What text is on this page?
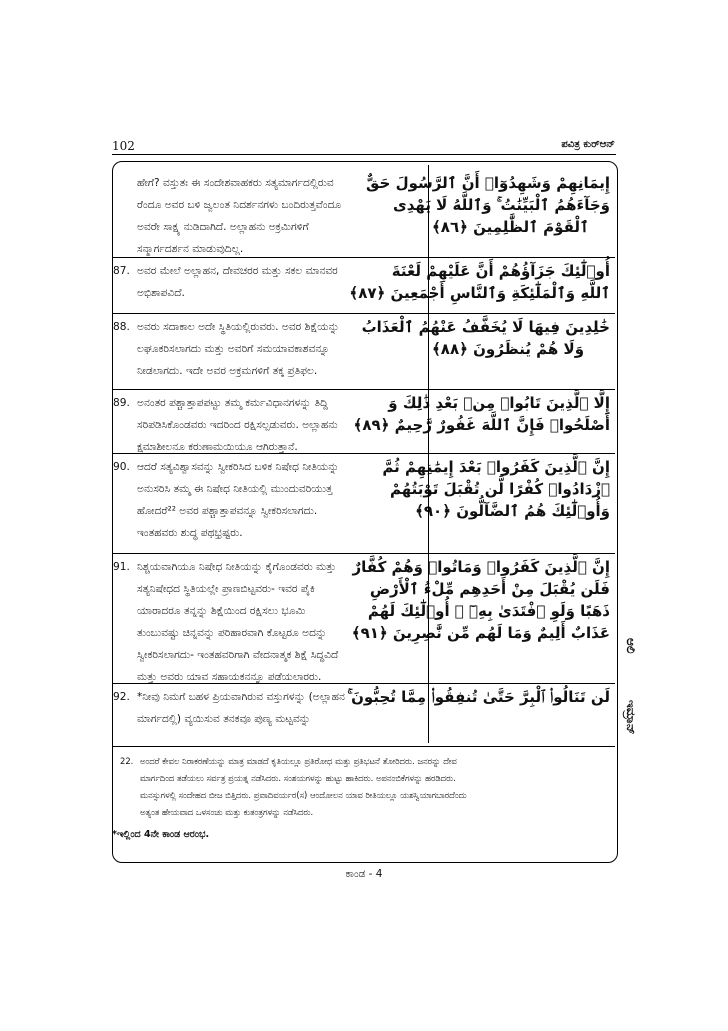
102	ಪವಿತ್ರ ಕುರ್‌ಆನ್
ಹೇಗೆ? ವಸ್ತುತಃ ಈ ಸಂದೇಶವಾಹಕರು ಸತ್ಯಮಾರ್ಗದಲ್ಲಿರುವ
ರೆಂದೂ ಅವರ ಬಳಿ ಜ್ವಲಂತ ನಿದರ್ಶನಗಳು ಬಂದಿರುತ್ತವೆಂದೂ
ಅವರೇ ಸಾಕ್ಷ್ಯ ನುಡಿದಾಗಿದೆ. ಅಲ್ಲಾಹನು ಅಕ್ರಮಿಗಳಿಗೆ
ಸನ್ಮಾರ್ಗದರ್ಶನ ಮಾಡುವುದಿಲ್ಲ.
إِيمَانِهِمْ وَشَهِدُوٓا۟ أَنَّ ٱلرَّسُولَ حَقٌّ
وَجَآءَهُمُ ٱلْبَيِّنَٰتُ ۚ وَٱللَّهُ لَا يَهْدِى
ٱلْقَوْمَ ٱلظَّٰلِمِينَ ﴿٨٦﴾
87. ಅವರ ಮೇಲೆ ಅಲ್ಲಾಹನ, ದೇವಚರರ ಮತ್ತು ಸಕಲ ಮಾನವರ
ಅಭಿಶಾಪವಿದೆ.
أُو۟لَٰٓئِكَ جَزَآؤُهُمْ أَنَّ عَلَيْهِمْ لَعْنَةَ
ٱللَّهِ وَٱلْمَلَٰٓئِكَةِ وَٱلنَّاسِ أَجْمَعِينَ ﴿٨٧﴾
88. ಅವರು ಸದಾಕಾಲ ಅದೇ ಸ್ಥಿತಿಯಲ್ಲಿರುವರು. ಅವರ ಶಿಕ್ಷೆಯನ್ನು
ಲಘೂಕರಿಸಲಾಗದು ಮತ್ತು ಅವರಿಗೆ ಸಮಯಾವಕಾಶವನ್ನೂ
ನೀಡಲಾಗದು. ಇದೇ ಅವರ ಅಕ್ರಮಗಳಿಗೆ ತಕ್ಕ ಪ್ರತಿಫಲ.
خَٰلِدِينَ فِيهَا لَا يُخَفَّفُ عَنْهُمُ ٱلْعَذَابُ
وَلَا هُمْ يُنظَرُونَ ﴿٨٨﴾
89. ಅನಂತರ ಪಶ್ಚಾತ್ತಾಪಪಟ್ಟು ತಮ್ಮ ಕರ್ಮವಿಧಾನಗಳನ್ನು ತಿದ್ದಿ
ಸರಿಪಡಿಸಿಕೊಂಡವರು ಇದರಿಂದ ರಕ್ಷಿಸಲ್ಪಡುವರು. ಅಲ್ಲಾಹನು
ಕ್ಷಮಾಶೀಲನೂ ಕರುಣಾಮಯಿಯೂ ಆಗಿರುತ್ತಾನೆ.
إِلَّا ٱلَّذِينَ تَابُوا۟ مِنۢ بَعْدِ ذَٰلِكَ وَ
أَصْلَحُوا۟ فَإِنَّ ٱللَّهَ غَفُورٌ رَّحِيمٌ ﴿٨٩﴾
90. ಆದರೆ ಸತ್ಯವಿಶ್ವಾಸವನ್ನು ಸ್ವೀಕರಿಸಿದ ಬಳಿಕ ನಿಷೇಧ ನೀತಿಯನ್ನು
ಅನುಸರಿಸಿ ತಮ್ಮ ಈ ನಿಷೇಧ ನೀತಿಯಲ್ಲಿ ಮುಂದುವರಿಯುತ್ತ
ಹೋದರೆ²² ಅವರ ಪಶ್ಚಾತ್ತಾಪವನ್ನೂ ಸ್ವೀಕರಿಸಲಾಗದು.
ಇಂತಹವರು ಶುದ್ಧ ಪಥಭ್ರಷ್ಟರು.
إِنَّ ٱلَّذِينَ كَفَرُوا۟ بَعْدَ إِيمَٰنِهِمْ ثُمَّ
ٱزْدَادُوا۟ كُفْرًا لَّن تُقْبَلَ تَوْبَتُهُمْ
وَأُو۟لَٰٓئِكَ هُمُ ٱلضَّآلُّونَ ﴿٩٠﴾
91. ನಿಶ್ಚಯವಾಗಿಯೂ ನಿಷೇಧ ನೀತಿಯನ್ನು ಕೈಗೊಂಡವರು ಮತ್ತು
ಸತ್ಯನಿಷೇಧದ ಸ್ಥಿತಿಯಲ್ಲೇ ಪ್ರಾಣಬಿಟ್ಟವರು- ಇವರ ಪೈಕಿ
ಯಾರಾದರೂ ತನ್ನನ್ನು ಶಿಕ್ಷೆಯಿಂದ ರಕ್ಷಿಸಲು ಭೂಮಿ
ತುಂಬುವಷ್ಟು ಚಿನ್ನವನ್ನು ಪರಿಹಾರವಾಗಿ ಕೊಟ್ಟರೂ ಅದನ್ನು
ಸ್ವೀಕರಿಸಲಾಗದು- ಇಂತಹವರಿಗಾಗಿ ವೇದನಾತ್ಮಕ ಶಿಕ್ಷೆ ಸಿದ್ಧವಿದೆ
ಮತ್ತು ಅವರು ಯಾವ ಸಹಾಯಕನನ್ನೂ ಪಡೆಯಲಾರರು.
إِنَّ ٱلَّذِينَ كَفَرُوا۟ وَمَاتُوا۟ وَهُمْ كُفَّارٌ
فَلَن يُقْبَلَ مِنْ أَحَدِهِم مِّلْءُ ٱلْأَرْضِ
ذَهَبًا وَلَوِ ٱفْتَدَىٰ بِهِۦٓ ۗ أُو۟لَٰٓئِكَ لَهُمْ
عَذَابٌ أَلِيمٌ وَمَا لَهُم مِّن نَّٰصِرِينَ ﴿٩١﴾
92. *ನೀವು ನಿಮಗೆ ಬಹಳ ಪ್ರಿಯವಾಗಿರುವ ವಸ್ತುಗಳನ್ನು (ಅಲ್ಲಾಹನ
ಮಾರ್ಗದಲ್ಲಿ) ವ್ಯಯಿಸುವ ತನಕವೂ ಪುಣ್ಯ ಮಟ್ಟವನ್ನು
لَن تَنَالُوا۟ ٱلْبِرَّ حَتَّىٰ تُنفِقُوا۟ مِمَّا تُحِبُّونَ ۚ
ಆಲಿ
ಇಮ್ರಾನ್
22. ಅಂದರೆ ಕೇವಲ ನಿರಾಕರಣೆಯನ್ನು ಮಾತ್ರ ಮಾಡದೆ ಕೃತಿಯಲ್ಲೂ ಪ್ರತಿರೋಧ ಮತ್ತು ಪ್ರತಿಭಟನೆ ತೋರಿದರು. ಜನರನ್ನು ದೇವ
ಮಾರ್ಗದಿಂದ ತಡೆಯಲು ಸರ್ವತ್ರ ಪ್ರಯತ್ನ ನಡೆಸಿದರು. ಸಂಶಯಗಳನ್ನು ಹುಟ್ಟು ಹಾಕಿದರು. ಅಪನಂಬಿಕೆಗಳನ್ನು ಹರಡಿದರು.
ಮನಸ್ಸುಗಳಲ್ಲಿ ಸಂದೇಹದ ಬೀಜ ಬಿತ್ತಿದರು. ಪ್ರವಾದಿವರ್ಯರ(ಸ) ಆಂದೋಲನ ಯಾವ ರೀತಿಯಲ್ಲೂ ಯಶಸ್ವಿಯಾಗಬಾರದೆಂದು
ಅತ್ಯಂತ ಹೇಯವಾದ ಒಳಸಂಚು ಮತ್ತು ಕುತಂತ್ರಗಳನ್ನು ನಡೆಸಿದರು.
*ಇಲ್ಲಿಂದ 4ನೇ ಕಾಂಡ ಆರಂಭ.
ಕಾಂಡ - 4
